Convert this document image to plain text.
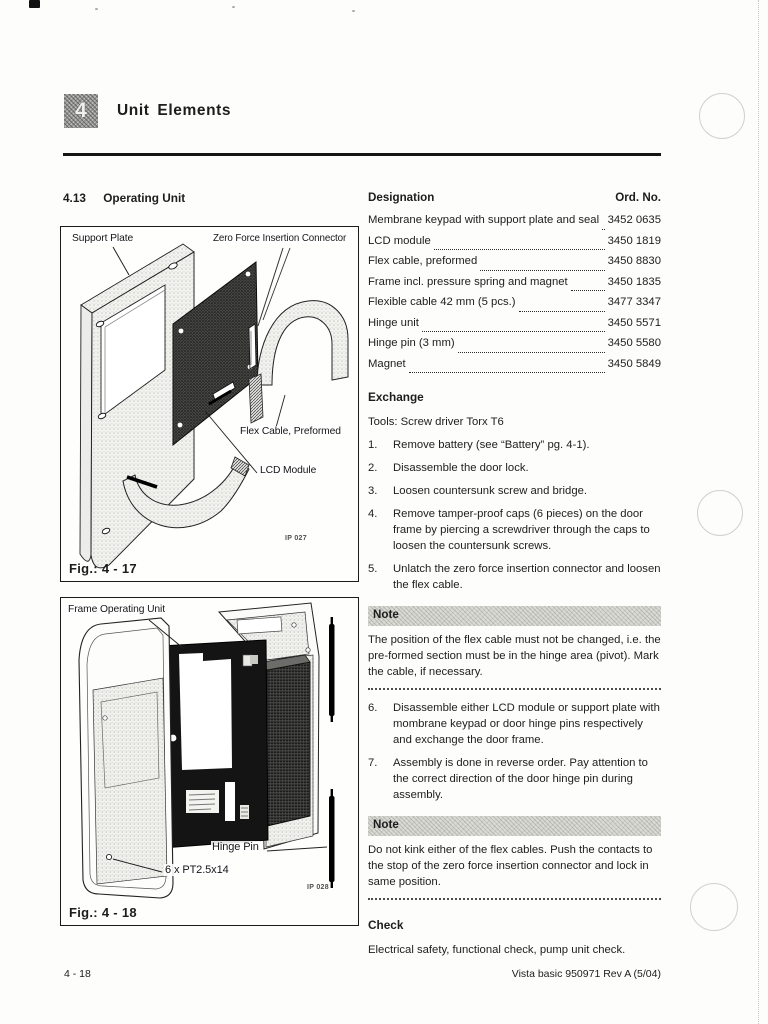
4 Unit Elements
4.13 Operating Unit
Support Plate	Zero Force Insertion Connector
Flex Cable, Preformed
LCD Module
IP 027
Fig.: 4 - 17
Frame Operating Unit
Hinge Pin
6 x PT2.5x14
IP 028
Fig.: 4 - 18
Designation	Ord. No.
Membrane keypad with support plate and seal 3452 0635
LCD module	3450 1819
Flex cable, preformed	3450 8830
Frame incl. pressure spring and magnet	3450 1835
Flexible cable 42 mm (5 pcs.)	3477 3347
Hinge unit	3450 5571
Hinge pin (3 mm)	3450 5580
Magnet	3450 5849
Exchange
Tools: Screw driver Torx T6
1.	Remove battery (see “Battery” pg. 4-1).
2.	Disassemble the door lock.
3.	Loosen countersunk screw and bridge.
4.	Remove tamper-proof caps (6 pieces) on the door frame by piercing a screwdriver through the caps to loosen the countersunk screws.
5.	Unlatch the zero force insertion connector and loosen the flex cable.
Note
The position of the flex cable must not be changed, i.e. the pre-formed section must be in the hinge area (pivot). Mark the cable, if necessary.
6.	Disassemble either LCD module or support plate with mombrane keypad or door hinge pins respectively and exchange the door frame.
7.	Assembly is done in reverse order. Pay attention to the correct direction of the door hinge pin during assembly.
Note
Do not kink either of the flex cables. Push the contacts to the stop of the zero force insertion connector and lock in same position.
Check
Electrical safety, functional check, pump unit check.
4 - 18	Vista basic 950971 Rev A (5/04)
